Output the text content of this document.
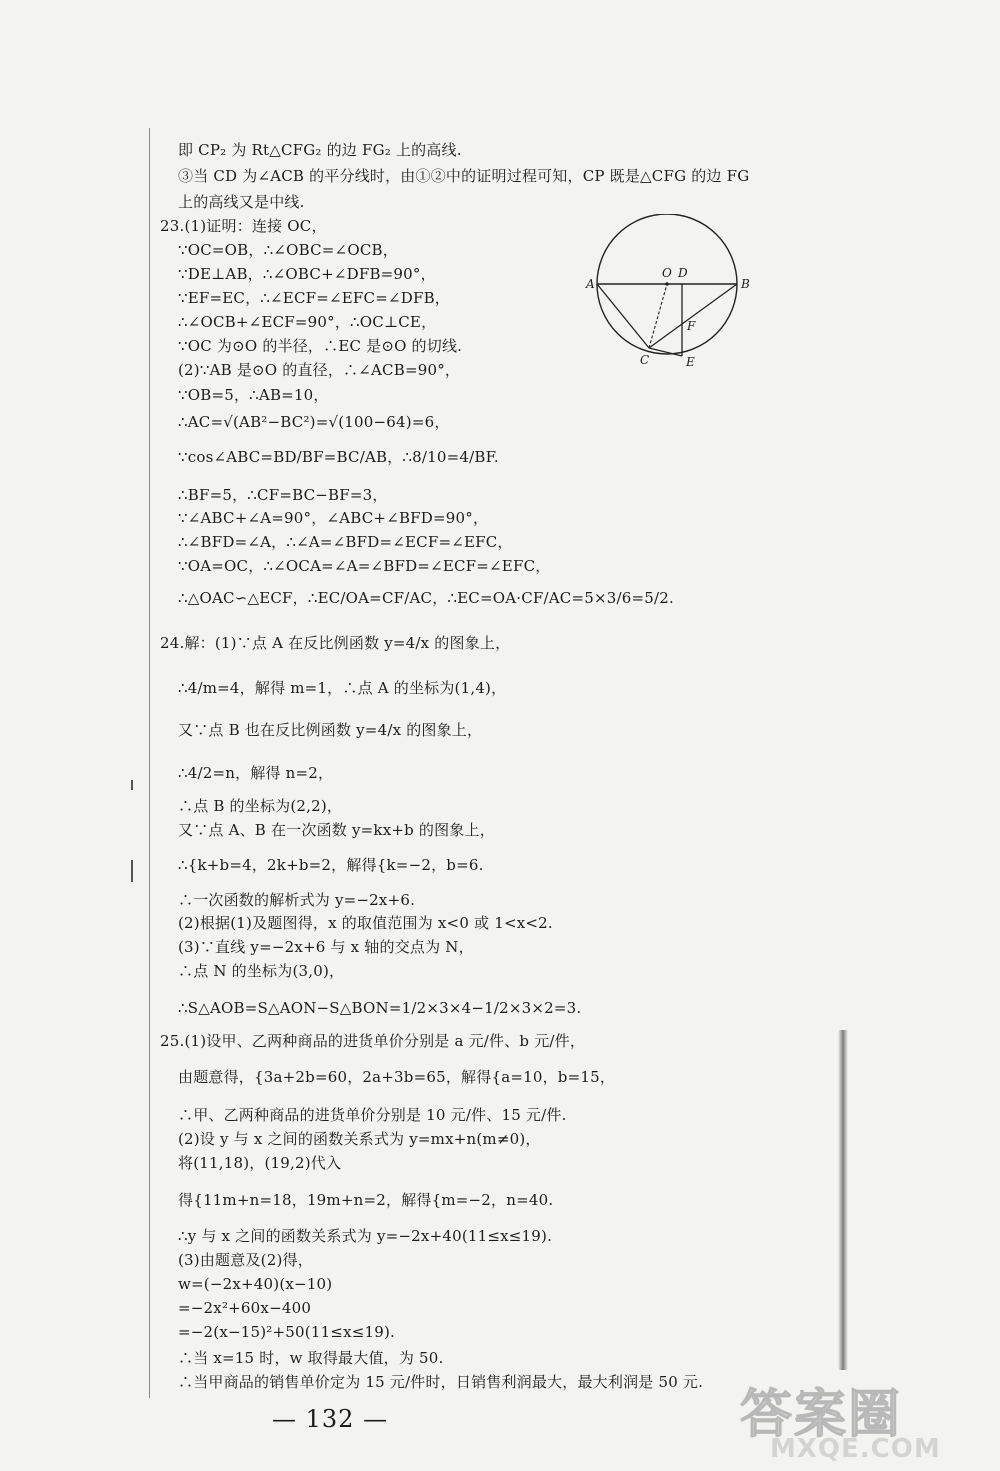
即 CP₂ 为 Rt△CFG₂ 的边 FG₂ 上的高线.
③当 CD 为∠ACB 的平分线时，由①②中的证明过程可知，CP 既是△CFG 的边 FG
上的高线又是中线.
23.(1)证明：连接 OC，
∵OC=OB，∴∠OBC=∠OCB，
∵DE⊥AB，∴∠OBC+∠DFB=90°，
∵EF=EC，∴∠ECF=∠EFC=∠DFB，
∴∠OCB+∠ECF=90°，∴OC⊥CE，
∵OC 为⊙O 的半径，∴EC 是⊙O 的切线.
(2)∵AB 是⊙O 的直径，∴∠ACB=90°，
∵OB=5，∴AB=10，
∴AC=√(AB²−BC²)=√(100−64)=6，
∵cos∠ABC=BD/BF=BC/AB，∴8/10=4/BF.
∴BF=5，∴CF=BC−BF=3，
∵∠ABC+∠A=90°，∠ABC+∠BFD=90°，
∴∠BFD=∠A，∴∠A=∠BFD=∠ECF=∠EFC，
∵OA=OC，∴∠OCA=∠A=∠BFD=∠ECF=∠EFC，
∴△OAC∽△ECF，∴EC/OA=CF/AC，∴EC=OA·CF/AC=5×3/6=5/2.
24.解：(1)∵点 A 在反比例函数 y=4/x 的图象上，
∴4/m=4，解得 m=1，∴点 A 的坐标为(1,4)，
又∵点 B 也在反比例函数 y=4/x 的图象上，
∴4/2=n，解得 n=2，
∴点 B 的坐标为(2,2)，
又∵点 A、B 在一次函数 y=kx+b 的图象上，
∴{k+b=4，2k+b=2，解得{k=−2，b=6.
∴一次函数的解析式为 y=−2x+6.
(2)根据(1)及题图得，x 的取值范围为 x<0 或 1<x<2.
(3)∵直线 y=−2x+6 与 x 轴的交点为 N，
∴点 N 的坐标为(3,0)，
∴S△AOB=S△AON−S△BON=1/2×3×4−1/2×3×2=3.
25.(1)设甲、乙两种商品的进货单价分别是 a 元/件、b 元/件，
由题意得，{3a+2b=60，2a+3b=65，解得{a=10，b=15，
∴甲、乙两种商品的进货单价分别是 10 元/件、15 元/件.
(2)设 y 与 x 之间的函数关系式为 y=mx+n(m≠0)，
将(11,18)，(19,2)代入
得{11m+n=18，19m+n=2，解得{m=−2，n=40.
∴y 与 x 之间的函数关系式为 y=−2x+40(11≤x≤19).
(3)由题意及(2)得，
w=(−2x+40)(x−10)
=−2x²+60x−400
=−2(x−15)²+50(11≤x≤19).
∴当 x=15 时，w 取得最大值，为 50.
∴当甲商品的销售单价定为 15 元/件时，日销售利润最大，最大利润是 50 元.
O D
A	B
C
F
E
— 132 —	答案圈
MXQE.COM
